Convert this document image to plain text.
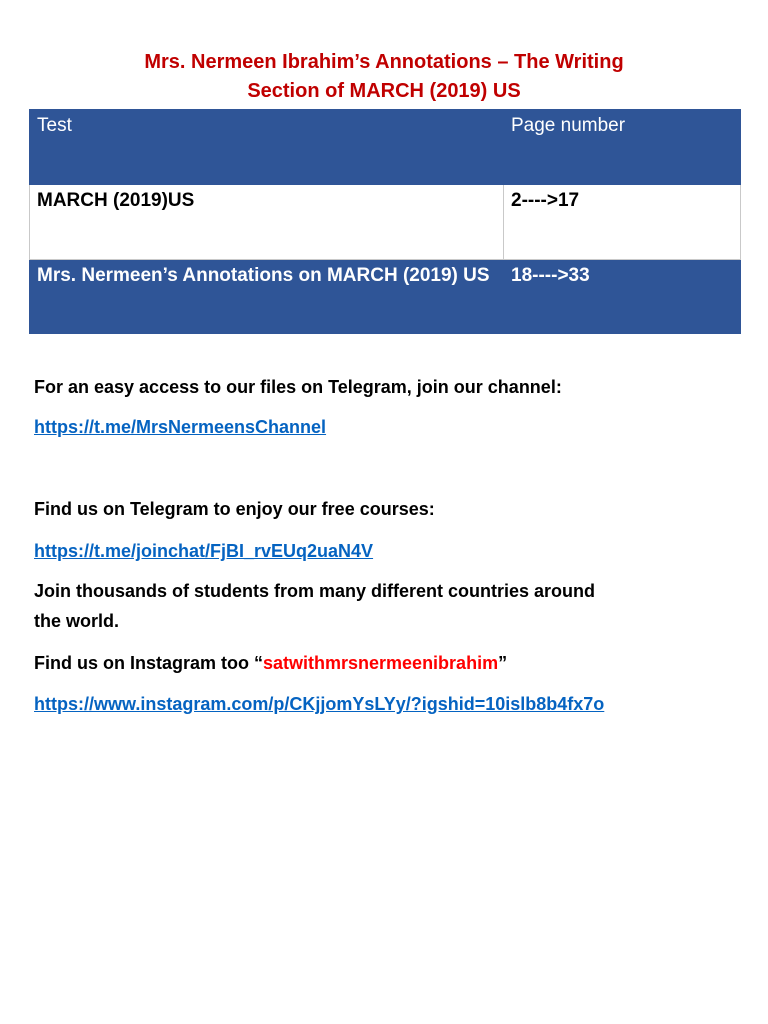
Mrs. Nermeen Ibrahim’s Annotations – The Writing
Section of MARCH (2019) US
Test	Page number
MARCH (2019)US	2---->17
Mrs. Nermeen’s Annotations on MARCH (2019) US	18---->33
For an easy access to our files on Telegram, join our channel:
https://t.me/MrsNermeensChannel
Find us on Telegram to enjoy our free courses:
https://t.me/joinchat/FjBI_rvEUq2uaN4V
Join thousands of students from many different countries around
the world.
Find us on Instagram too “satwithmrsnermeenibrahim”
https://www.instagram.com/p/CKjjomYsLYy/?igshid=10islb8b4fx7o
